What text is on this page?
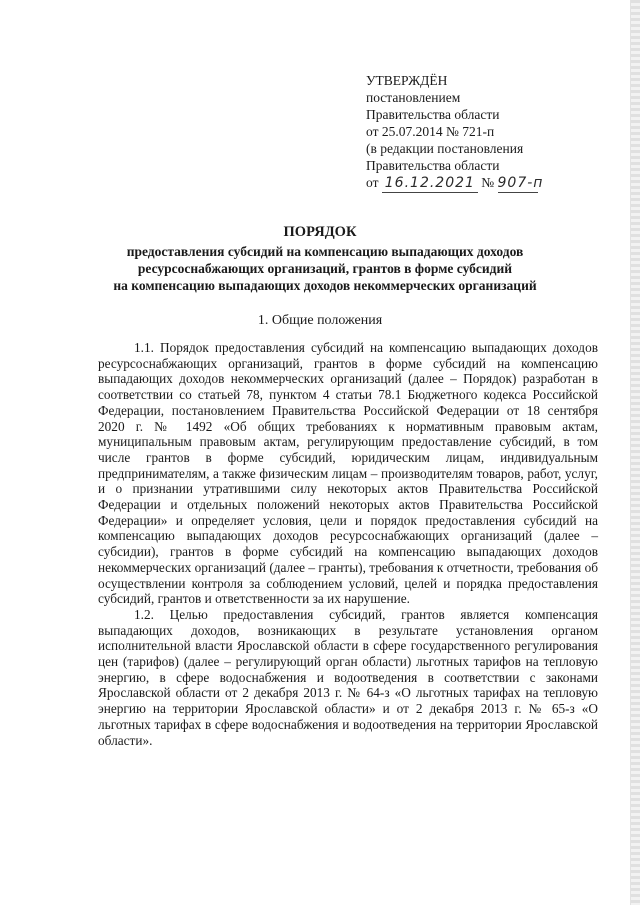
УТВЕРЖДЁН
постановлением
Правительства области
от 25.07.2014 № 721-п
(в редакции постановления
Правительства области
от 16.12.2021 № 907-п
ПОРЯДОК
предоставления субсидий на компенсацию выпадающих доходов
ресурсоснабжающих организаций, грантов в форме субсидий
на компенсацию выпадающих доходов некоммерческих организаций
1. Общие положения

1.1. Порядок предоставления субсидий на компенсацию выпадающих доходов ресурсоснабжающих организаций, грантов в форме субсидий на компенсацию выпадающих доходов некоммерческих организаций (далее – Порядок) разработан в соответствии со статьей 78, пунктом 4 статьи 78.1 Бюджетного кодекса Российской Федерации, постановлением Правительства Российской Федерации от 18 сентября 2020 г. № 1492 «Об общих требованиях к нормативным правовым актам, муниципальным правовым актам, регулирующим предоставление субсидий, в том числе грантов в форме субсидий, юридическим лицам, индивидуальным предпринимателям, а также физическим лицам – производителям товаров, работ, услуг, и о признании утратившими силу некоторых актов Правительства Российской Федерации и отдельных положений некоторых актов Правительства Российской Федерации» и определяет условия, цели и порядок предоставления субсидий на компенсацию выпадающих доходов ресурсоснабжающих организаций (далее – субсидии), грантов в форме субсидий на компенсацию выпадающих доходов некоммерческих организаций (далее – гранты), требования к отчетности, требования об осуществлении контроля за соблюдением условий, целей и порядка предоставления субсидий, грантов и ответственности за их нарушение.

1.2. Целью предоставления субсидий, грантов является компенсация выпадающих доходов, возникающих в результате установления органом исполнительной власти Ярославской области в сфере государственного регулирования цен (тарифов) (далее – регулирующий орган области) льготных тарифов на тепловую энергию, в сфере водоснабжения и водоотведения в соответствии с законами Ярославской области от 2 декабря 2013 г. № 64-з «О льготных тарифах на тепловую энергию на территории Ярославской области» и от 2 декабря 2013 г. № 65-з «О льготных тарифах в сфере водоснабжения и водоотведения на территории Ярославской области».
